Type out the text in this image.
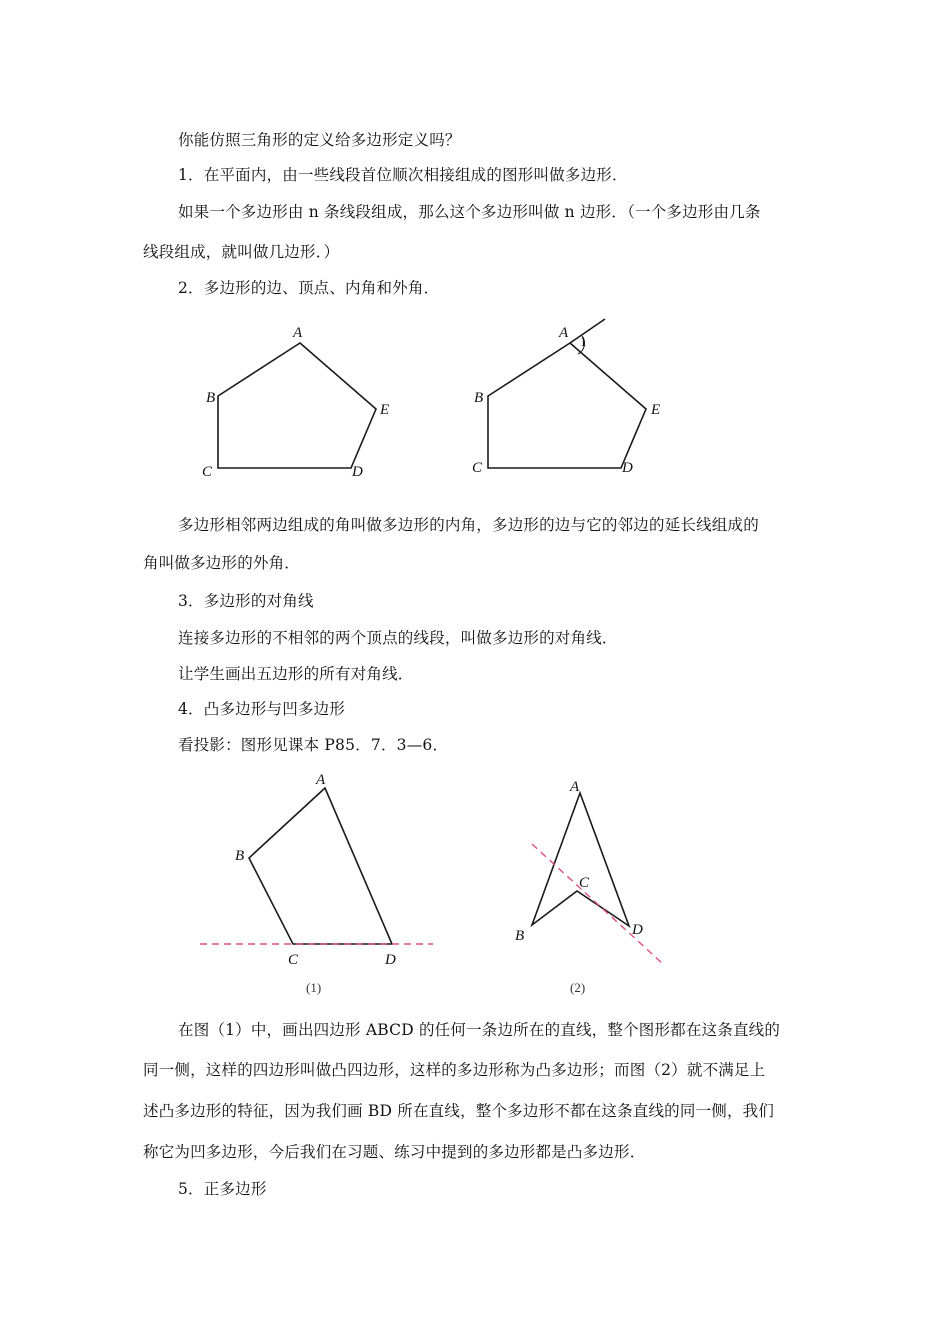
你能仿照三角形的定义给多边形定义吗？
1．在平面内，由一些线段首位顺次相接组成的图形叫做多边形．
如果一个多边形由 n 条线段组成，那么这个多边形叫做 n 边形．（一个多边形由几条
线段组成，就叫做几边形．）
2．多边形的边、顶点、内角和外角．
A
B
C	D
E
A
1
B
C	D
E
多边形相邻两边组成的角叫做多边形的内角，多边形的边与它的邻边的延长线组成的
角叫做多边形的外角．
3．多边形的对角线
连接多边形的不相邻的两个顶点的线段，叫做多边形的对角线．
让学生画出五边形的所有对角线．
4．凸多边形与凹多边形
看投影：图形见课本 P85．7．3—6．
A
B
C	D
(1)
A
B
C
D
(2)
在图（1）中，画出四边形 ABCD 的任何一条边所在的直线，整个图形都在这条直线的
同一侧，这样的四边形叫做凸四边形，这样的多边形称为凸多边形；而图（2）就不满足上
述凸多边形的特征，因为我们画 BD 所在直线，整个多边形不都在这条直线的同一侧，我们
称它为凹多边形，今后我们在习题、练习中提到的多边形都是凸多边形．
5．正多边形
